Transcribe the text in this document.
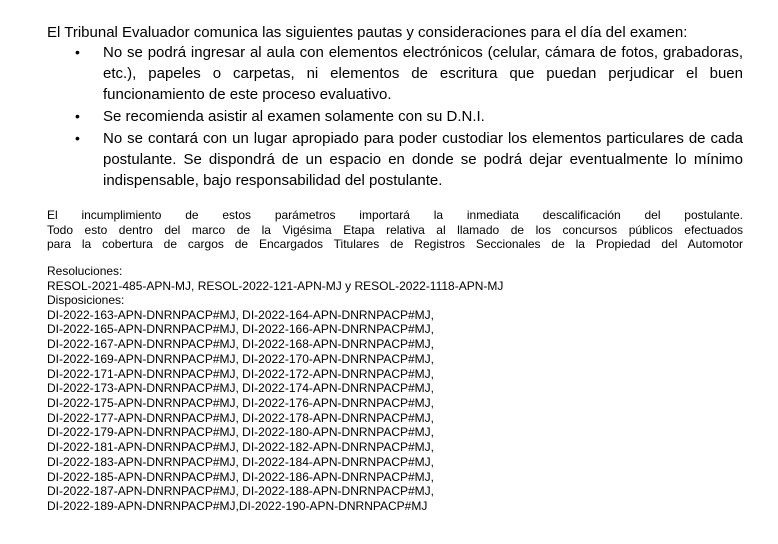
El Tribunal Evaluador comunica las siguientes pautas y consideraciones para el día del examen:
• No se podrá ingresar al aula con elementos electrónicos (celular, cámara de fotos, grabadoras, etc.), papeles o carpetas, ni elementos de escritura que puedan perjudicar el buen funcionamiento de este proceso evaluativo.
• Se recomienda asistir al examen solamente con su D.N.I.
• No se contará con un lugar apropiado para poder custodiar los elementos particulares de cada postulante. Se dispondrá de un espacio en donde se podrá dejar eventualmente lo mínimo indispensable, bajo responsabilidad del postulante.
El incumplimiento de estos parámetros importará la inmediata descalificación del postulante.
Todo esto dentro del marco de la Vigésima Etapa relativa al llamado de los concursos públicos efectuados
para la cobertura de cargos de Encargados Titulares de Registros Seccionales de la Propiedad del Automotor
Resoluciones:
RESOL-2021-485-APN-MJ, RESOL-2022-121-APN-MJ y RESOL-2022-1118-APN-MJ
Disposiciones:
DI-2022-163-APN-DNRNPACP#MJ, DI-2022-164-APN-DNRNPACP#MJ,
DI-2022-165-APN-DNRNPACP#MJ, DI-2022-166-APN-DNRNPACP#MJ,
DI-2022-167-APN-DNRNPACP#MJ, DI-2022-168-APN-DNRNPACP#MJ,
DI-2022-169-APN-DNRNPACP#MJ, DI-2022-170-APN-DNRNPACP#MJ,
DI-2022-171-APN-DNRNPACP#MJ, DI-2022-172-APN-DNRNPACP#MJ,
DI-2022-173-APN-DNRNPACP#MJ, DI-2022-174-APN-DNRNPACP#MJ,
DI-2022-175-APN-DNRNPACP#MJ, DI-2022-176-APN-DNRNPACP#MJ,
DI-2022-177-APN-DNRNPACP#MJ, DI-2022-178-APN-DNRNPACP#MJ,
DI-2022-179-APN-DNRNPACP#MJ, DI-2022-180-APN-DNRNPACP#MJ,
DI-2022-181-APN-DNRNPACP#MJ, DI-2022-182-APN-DNRNPACP#MJ,
DI-2022-183-APN-DNRNPACP#MJ, DI-2022-184-APN-DNRNPACP#MJ,
DI-2022-185-APN-DNRNPACP#MJ, DI-2022-186-APN-DNRNPACP#MJ,
DI-2022-187-APN-DNRNPACP#MJ, DI-2022-188-APN-DNRNPACP#MJ,
DI-2022-189-APN-DNRNPACP#MJ,DI-2022-190-APN-DNRNPACP#MJ
